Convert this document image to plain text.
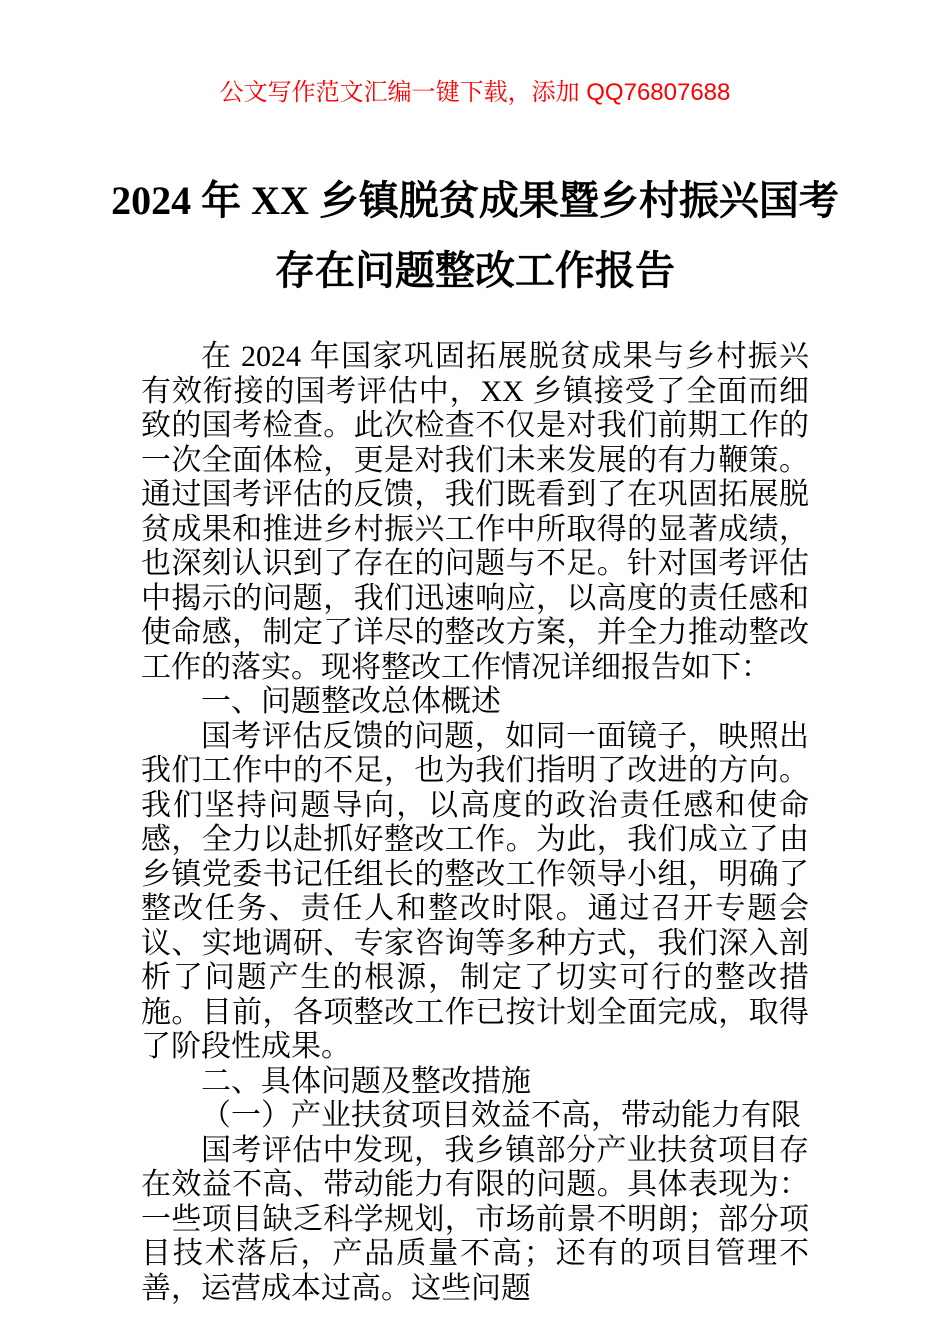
公文写作范文汇编一键下载，添加 QQ76807688
2024 年 XX 乡镇脱贫成果暨乡村振兴国考
存在问题整改工作报告

在 2024 年国家巩固拓展脱贫成果与乡村振兴有效衔接的国考评估中，XX 乡镇接受了全面而细致的国考检查。此次检查不仅是对我们前期工作的一次全面体检，更是对我们未来发展的有力鞭策。通过国考评估的反馈，我们既看到了在巩固拓展脱贫成果和推进乡村振兴工作中所取得的显著成绩，也深刻认识到了存在的问题与不足。针对国考评估中揭示的问题，我们迅速响应，以高度的责任感和使命感，制定了详尽的整改方案，并全力推动整改工作的落实。现将整改工作情况详细报告如下：

一、问题整改总体概述

国考评估反馈的问题，如同一面镜子，映照出我们工作中的不足，也为我们指明了改进的方向。我们坚持问题导向，以高度的政治责任感和使命感，全力以赴抓好整改工作。为此，我们成立了由乡镇党委书记任组长的整改工作领导小组，明确了整改任务、责任人和整改时限。通过召开专题会议、实地调研、专家咨询等多种方式，我们深入剖析了问题产生的根源，制定了切实可行的整改措施。目前，各项整改工作已按计划全面完成，取得了阶段性成果。

二、具体问题及整改措施

（一）产业扶贫项目效益不高，带动能力有限

国考评估中发现，我乡镇部分产业扶贫项目存在效益不高、带动能力有限的问题。具体表现为：一些项目缺乏科学规划，市场前景不明朗；部分项目技术落后，产品质量不高；还有的项目管理不善，运营成本过高。这些问题
